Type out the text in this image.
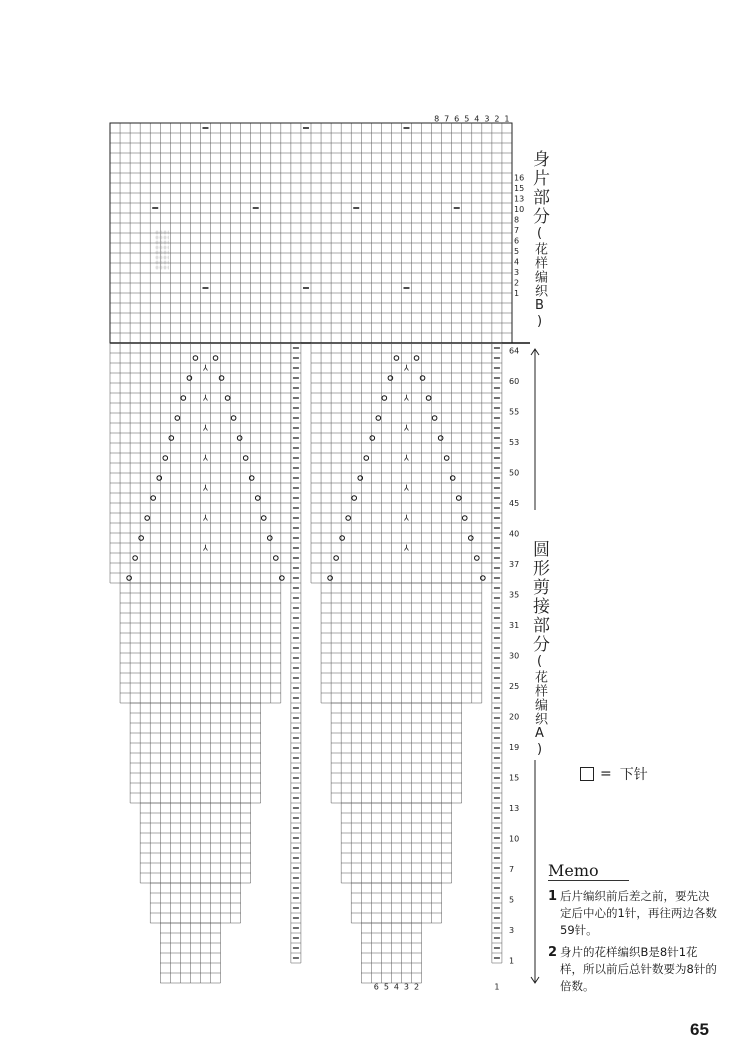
⅄
⅄
⅄
⅄
⅄
⅄
⅄
⅄
⅄
⅄
⅄
⅄
⅄
⅄
8 7 6 5 4 3 2 1
16
15
13
10
8
7
6
5
4
3
2
1
64
60
55
53
50
45
40
37
35
31
30
25
20
19
15
13
10
7
5
3
1
6 5 4 3 2	1
身片部分(花样编织B)
圆形剪接部分(花样编织A)
= 下针
Memo
1 后片编织前后差之前，要先决定后中心的1针，再往两边各数59针。
2 身片的花样编织B是8针1花样，所以前后总针数要为8针的倍数。
65
